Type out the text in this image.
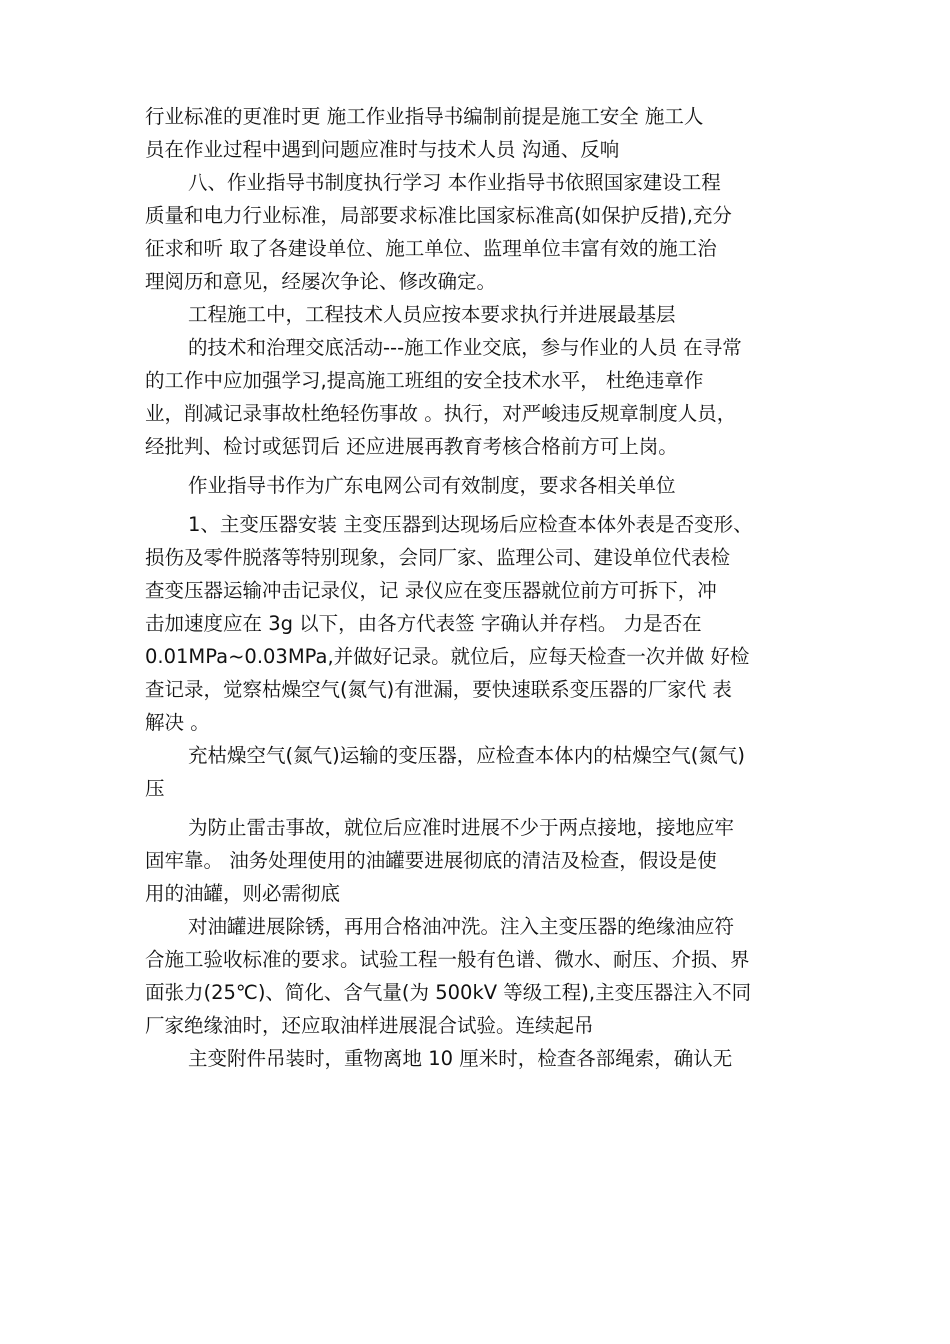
行业标准的更准时更 施工作业指导书编制前提是施工安全 施工人
员在作业过程中遇到问题应准时与技术人员 沟通、反响
八、作业指导书制度执行学习 本作业指导书依照国家建设工程
质量和电力行业标准，局部要求标准比国家标准高(如保护反措),充分
征求和听 取了各建设单位、施工单位、监理单位丰富有效的施工治
理阅历和意见，经屡次争论、修改确定。
工程施工中，工程技术人员应按本要求执行并进展最基层
的技术和治理交底活动---施工作业交底，参与作业的人员 在寻常
的工作中应加强学习,提高施工班组的安全技术水平， 杜绝违章作
业，削减记录事故杜绝轻伤事故 。执行，对严峻违反规章制度人员，
经批判、检讨或惩罚后 还应进展再教育考核合格前方可上岗。
作业指导书作为广东电网公司有效制度，要求各相关单位
1、主变压器安装 主变压器到达现场后应检查本体外表是否变形、
损伤及零件脱落等特别现象，会同厂家、监理公司、建设单位代表检
查变压器运输冲击记录仪，记 录仪应在变压器就位前方可拆下，冲
击加速度应在 3g 以下，由各方代表签 字确认并存档。 力是否在
0.01MPa~0.03MPa,并做好记录。就位后，应每天检查一次并做 好检
查记录，觉察枯燥空气(氮气)有泄漏，要快速联系变压器的厂家代 表
解决 。
充枯燥空气(氮气)运输的变压器，应检查本体内的枯燥空气(氮气)
压
为防止雷击事故，就位后应准时进展不少于两点接地，接地应牢
固牢靠。 油务处理使用的油罐要进展彻底的清洁及检查，假设是使
用的油罐，则必需彻底
对油罐进展除锈，再用合格油冲洗。注入主变压器的绝缘油应符
合施工验收标准的要求。试验工程一般有色谱、微水、耐压、介损、界
面张力(25℃)、简化、含气量(为 500kV 等级工程),主变压器注入不同
厂家绝缘油时，还应取油样进展混合试验。连续起吊
主变附件吊装时，重物离地 10 厘米时，检查各部绳索，确认无
